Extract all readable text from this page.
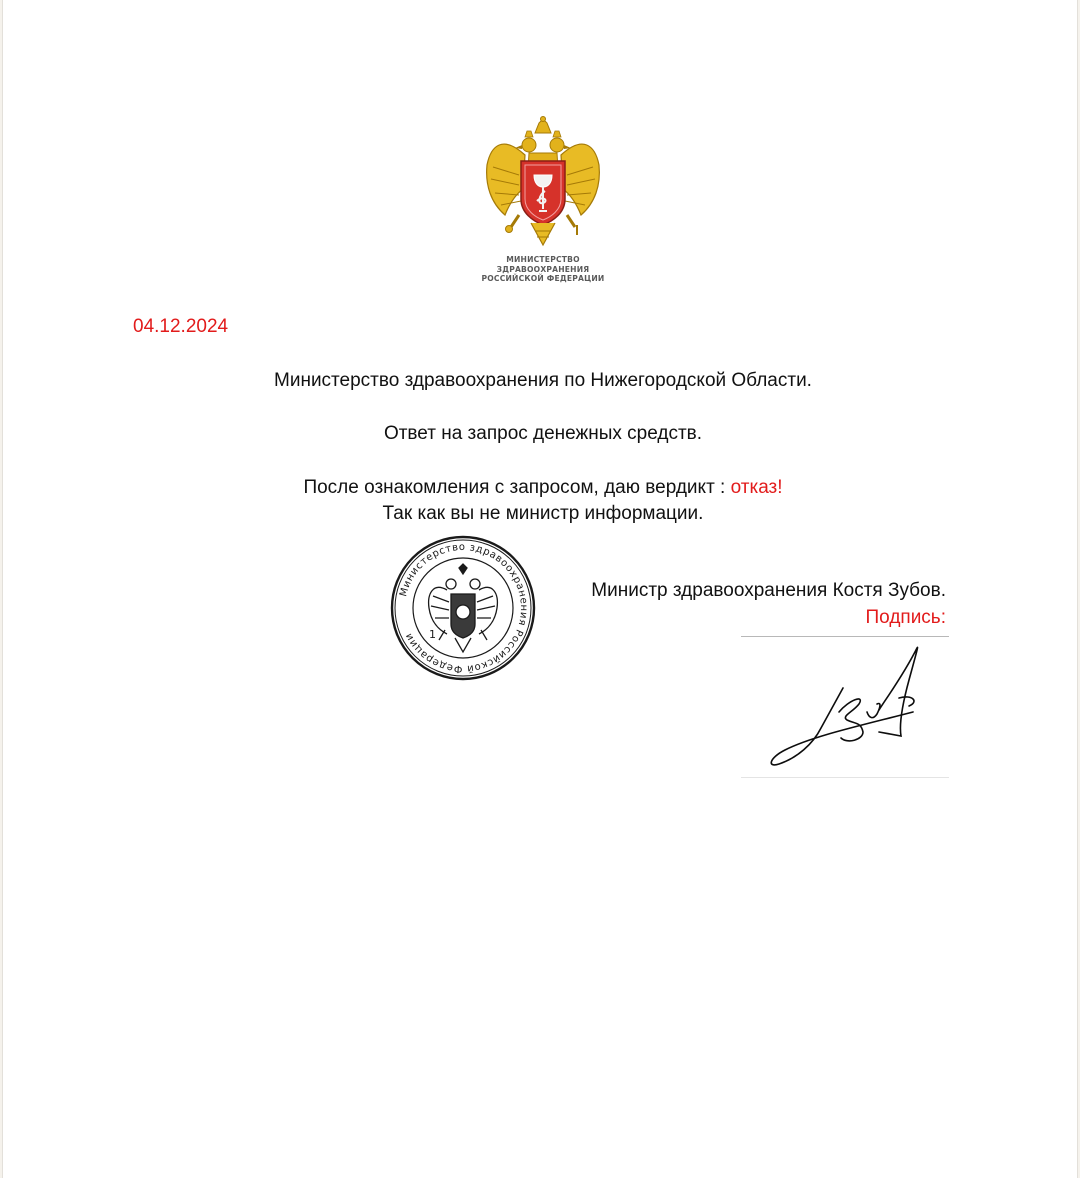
МИНИСТЕРСТВО
ЗДРАВООХРАНЕНИЯ
РОССИЙСКОЙ ФЕДЕРАЦИИ
04.12.2024
Министерство здравоохранения по Нижегородской Области.
Ответ на запрос денежных средств.
После ознакомления с запросом, даю вердикт : отказ!
Так как вы не министр информации.
Министерство здравоохранения Российской Федерации	1
Министр здравоохранения Костя Зубов.
Подпись:
